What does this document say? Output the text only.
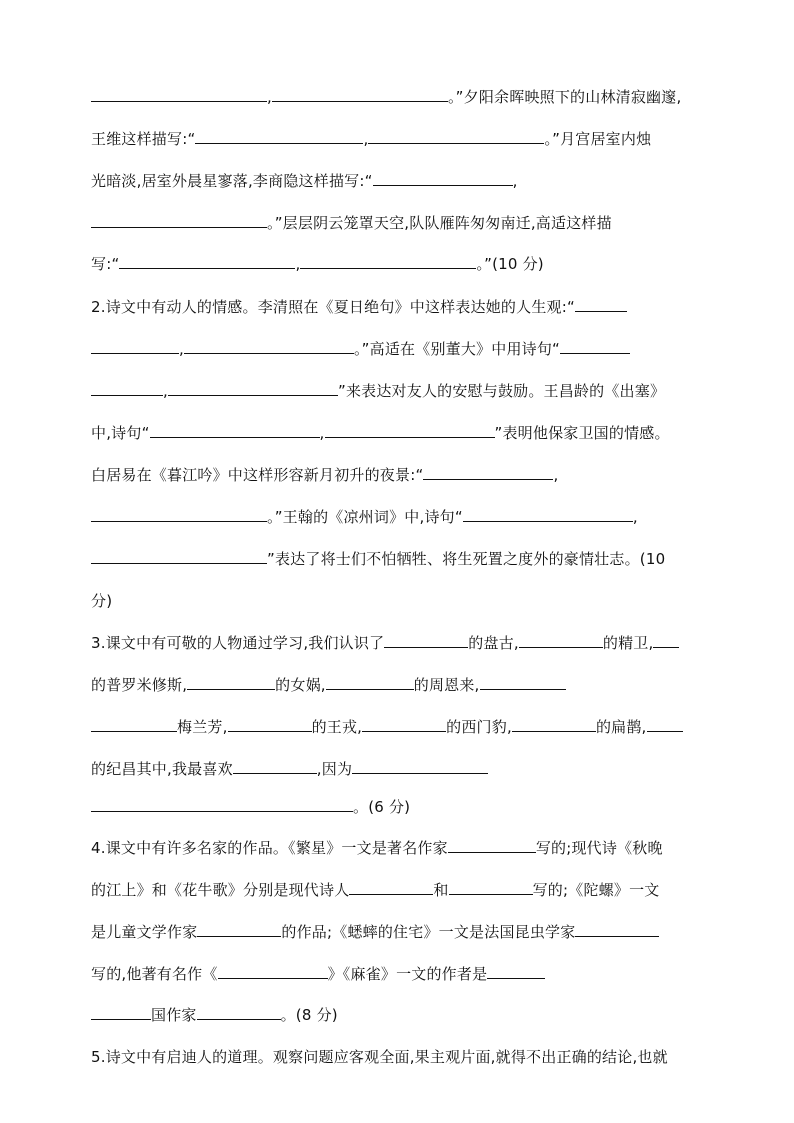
,	。”夕阳余晖映照下的山林清寂幽邃,
王维这样描写:“	,	。”月宫居室内烛
光暗淡,居室外晨星寥落,李商隐这样描写:“	,
。”层层阴云笼罩天空,队队雁阵匆匆南迁,高适这样描
写:“	,	。”(10 分)
2.诗文中有动人的情感。李清照在《夏日绝句》中这样表达她的人生观:“
,	。”高适在《别董大》中用诗句“
,	”来表达对友人的安慰与鼓励。王昌龄的《出塞》
中,诗句“	,	”表明他保家卫国的情感。
白居易在《暮江吟》中这样形容新月初升的夜景:“	,
。”王翰的《凉州词》中,诗句“	,
”表达了将士们不怕牺牲、将生死置之度外的豪情壮志。(10
分)
3.课文中有可敬的人物通过学习,我们认识了	的盘古,	的精卫,
的普罗米修斯,	的女娲,	的周恩来,
梅兰芳,	的王戎,	的西门豹,	的扁鹊,
的纪昌其中,我最喜欢	,因为
。(6 分)
4.课文中有许多名家的作品。《繁星》一文是著名作家	写的;现代诗《秋晚
的江上》和《花牛歌》分别是现代诗人	和	写的;《陀螺》一文
是儿童文学作家	的作品;《蟋蟀的住宅》一文是法国昆虫学家
写的,他著有名作《	》《麻雀》一文的作者是
国作家	。(8 分)
5.诗文中有启迪人的道理。观察问题应客观全面,果主观片面,就得不出正确的结论,也就
